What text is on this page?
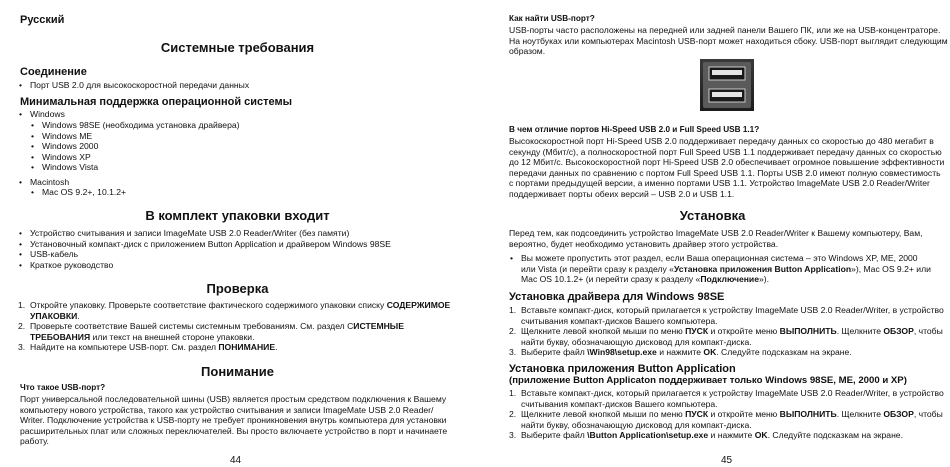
Русский
Системные требования
Соединение
• Порт USB 2.0 для высокоскоростной передачи данных
Минимальная поддержка операционной системы
• Windows
• Windows 98SE (необходима установка драйвера)
• Windows ME
• Windows 2000
• Windows XP
• Windows Vista
• Macintosh
• Mac OS 9.2+, 10.1.2+
В комплект упаковки входит
• Устройство считывания и записи ImageMate USB 2.0 Reader/Writer (без памяти)
• Установочный компакт-диск с приложением Button Application и драйвером Windows 98SE
• USB-кабель
• Краткое руководство
Проверка
1. Откройте упаковку. Проверьте соответствие фактического содержимого упаковки списку СОДЕРЖИМОЕ
УПАКОВКИ.
2. Проверьте соответствие Вашей системы системным требованиям. См. раздел СИСТЕМНЫЕ
ТРЕБОВАНИЯ или текст на внешней стороне упаковки.
3. Найдите на компьютере USB-порт. См. раздел ПОНИМАНИЕ.
Понимание
Что такое USB-порт?
Порт универсальной последовательной шины (USB) является простым средством подключения к Вашему
компьютеру нового устройства, такого как устройство считывания и записи ImageMate USB 2.0 Reader/
Writer. Подключение устройства к USB-порту не требует проникновения внутрь компьютера для установки
расширительных плат или сложных переключателей. Вы просто включаете устройство в порт и начинаете
работу.
44
Как найти USB-порт?
USB-порты часто расположены на передней или задней панели Вашего ПК, или же на USB-концентраторе.
На ноутбуках или компьютерах Macintosh USB-порт может находиться сбоку. USB-порт выглядит следующим
образом.
В чем отличие портов Hi-Speed USB 2.0 и Full Speed USB 1.1?
Высокоскоростной порт Hi-Speed USB 2.0 поддерживает передачу данных со скоростью до 480 мегабит в
секунду (Мбит/с), а полноскоростной порт Full Speed USB 1.1 поддерживает передачу данных со скоростью
до 12 Мбит/с. Высокоскоростной порт Hi-Speed USB 2.0 обеспечивает огромное повышение эффективности
передачи данных по сравнению с портом Full Speed USB 1.1. Порты USB 2.0 имеют полную совместимость
с портами предыдущей версии, а именно портами USB 1.1. Устройство ImageMate USB 2.0 Reader/Writer
поддерживает порты обеих версий – USB 2.0 и USB 1.1.
Установка
Перед тем, как подсоединить устройство ImageMate USB 2.0 Reader/Writer к Вашему компьютеру, Вам,
вероятно, будет необходимо установить драйвер этого устройства.
• Вы можете пропустить этот раздел, если Ваша операционная система – это Windows XP, ME, 2000
или Vista (и перейти сразу к разделу «Установка приложения Button Application»), Mac OS 9.2+ или
Mac OS 10.1.2+ (и перейти сразу к разделу «Подключение»).
Установка драйвера для Windows 98SE
1. Вставьте компакт-диск, который прилагается к устройству ImageMate USB 2.0 Reader/Writer, в устройство
считывания компакт-дисков Вашего компьютера.
2. Щелкните левой кнопкой мыши по меню ПУСК и откройте меню ВЫПОЛНИТЬ. Щелкните ОБЗОР, чтобы
найти букву, обозначающую дисковод для компакт-диска.
3. Выберите файл \Win98\setup.exe и нажмите OK. Следуйте подсказкам на экране.
Установка приложения Button Application
(приложение Button Applicaton поддерживает только Windows 98SE, ME, 2000 и XP)
1. Вставьте компакт-диск, который прилагается к устройству ImageMate USB 2.0 Reader/Writer, в устройство
считывания компакт-дисков Вашего компьютера.
2. Щелкните левой кнопкой мыши по меню ПУСК и откройте меню ВЫПОЛНИТЬ. Щелкните ОБЗОР, чтобы
найти букву, обозначающую дисковод для компакт-диска.
3. Выберите файл \Button Application\setup.exe и нажмите OK. Следуйте подсказкам на экране.
45
